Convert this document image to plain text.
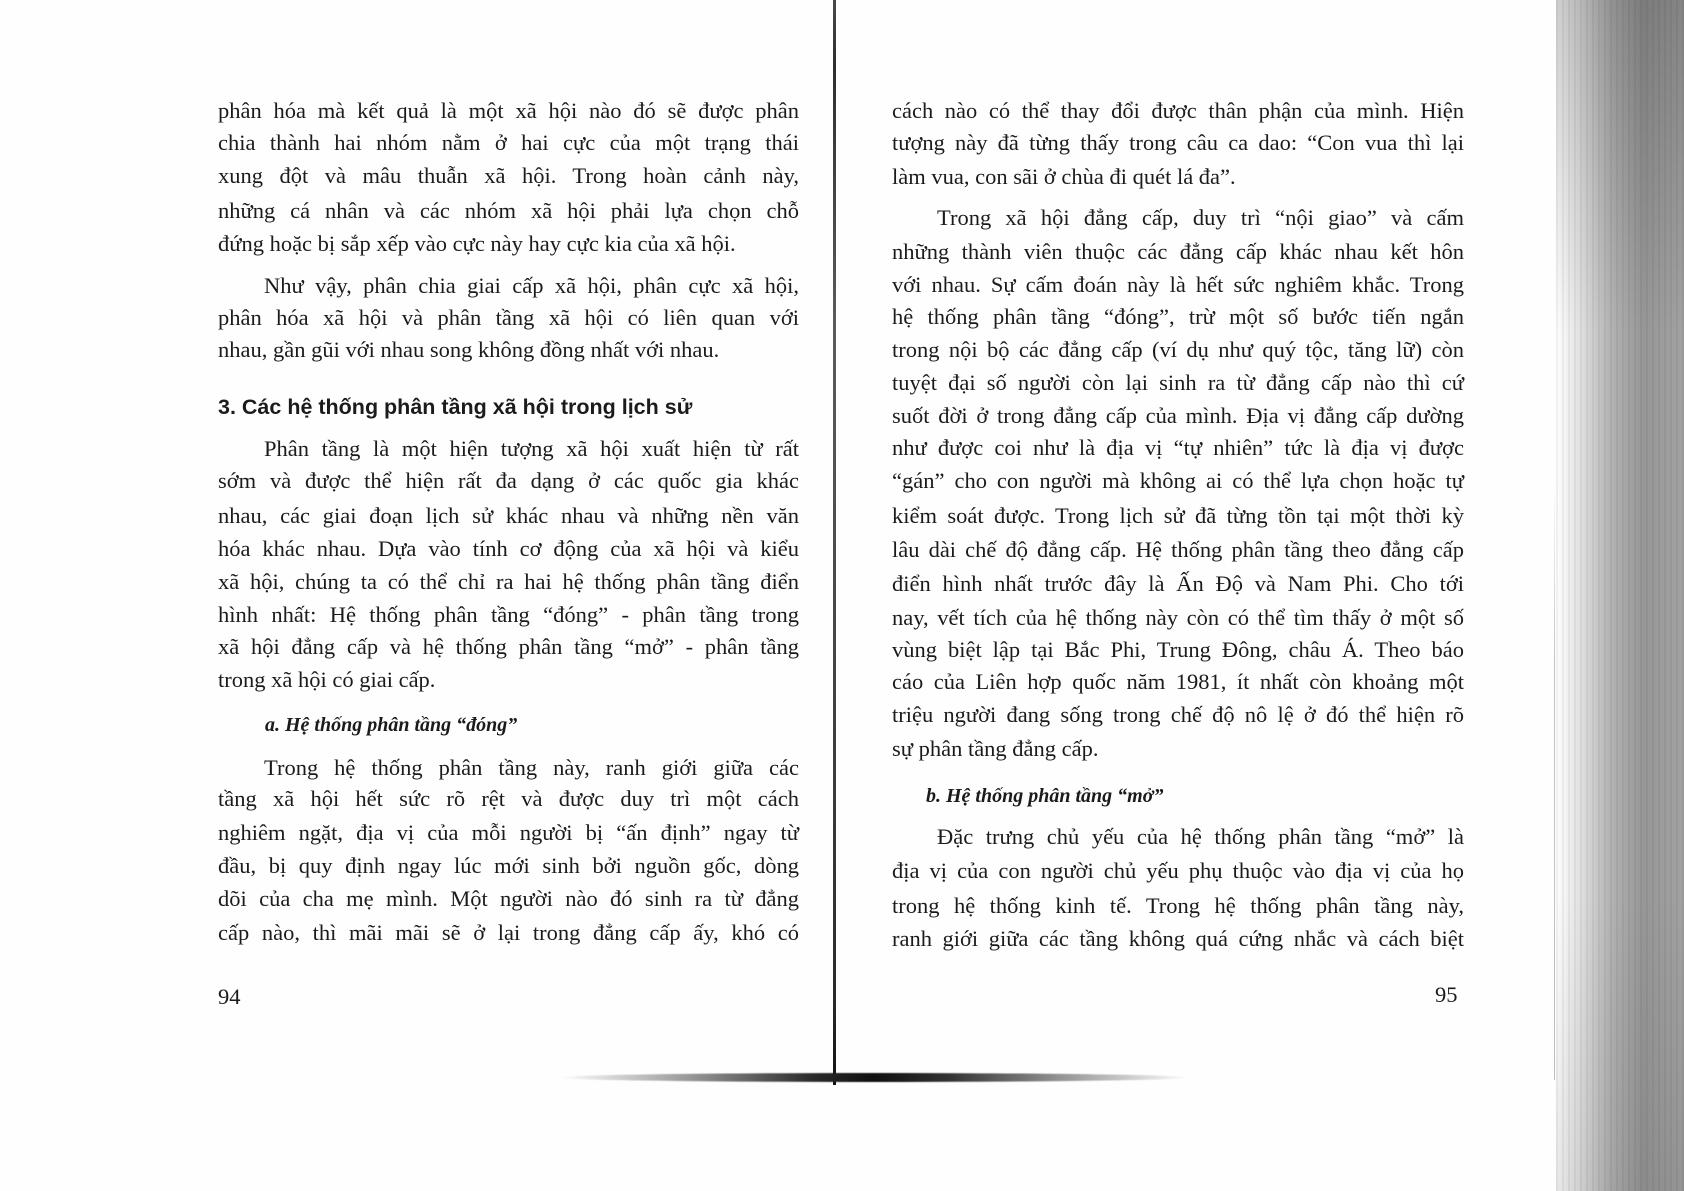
phân hóa mà kết quả là một xã hội nào đó sẽ được phân
chia thành hai nhóm nằm ở hai cực của một trạng thái
xung đột và mâu thuẫn xã hội. Trong hoàn cảnh này,
những cá nhân và các nhóm xã hội phải lựa chọn chỗ
đứng hoặc bị sắp xếp vào cực này hay cực kia của xã hội.
Như vậy, phân chia giai cấp xã hội, phân cực xã hội,
phân hóa xã hội và phân tầng xã hội có liên quan với
nhau, gần gũi với nhau song không đồng nhất với nhau.
3. Các hệ thống phân tầng xã hội trong lịch sử
Phân tầng là một hiện tượng xã hội xuất hiện từ rất
sớm và được thể hiện rất đa dạng ở các quốc gia khác
nhau, các giai đoạn lịch sử khác nhau và những nền văn
hóa khác nhau. Dựa vào tính cơ động của xã hội và kiểu
xã hội, chúng ta có thể chỉ ra hai hệ thống phân tầng điển
hình nhất: Hệ thống phân tầng “đóng” - phân tầng trong
xã hội đẳng cấp và hệ thống phân tầng “mở” - phân tầng
trong xã hội có giai cấp.
a. Hệ thống phân tầng “đóng”
Trong hệ thống phân tầng này, ranh giới giữa các
tầng xã hội hết sức rõ rệt và được duy trì một cách
nghiêm ngặt, địa vị của mỗi người bị “ấn định” ngay từ
đầu, bị quy định ngay lúc mới sinh bởi nguồn gốc, dòng
dõi của cha mẹ mình. Một người nào đó sinh ra từ đẳng
cấp nào, thì mãi mãi sẽ ở lại trong đẳng cấp ấy, khó có
94
cách nào có thể thay đổi được thân phận của mình. Hiện
tượng này đã từng thấy trong câu ca dao: “Con vua thì lại
làm vua, con sãi ở chùa đi quét lá đa”.
Trong xã hội đẳng cấp, duy trì “nội giao” và cấm
những thành viên thuộc các đẳng cấp khác nhau kết hôn
với nhau. Sự cấm đoán này là hết sức nghiêm khắc. Trong
hệ thống phân tầng “đóng”, trừ một số bước tiến ngắn
trong nội bộ các đẳng cấp (ví dụ như quý tộc, tăng lữ) còn
tuyệt đại số người còn lại sinh ra từ đẳng cấp nào thì cứ
suốt đời ở trong đẳng cấp của mình. Địa vị đẳng cấp dường
như được coi như là địa vị “tự nhiên” tức là địa vị được
“gán” cho con người mà không ai có thể lựa chọn hoặc tự
kiểm soát được. Trong lịch sử đã từng tồn tại một thời kỳ
lâu dài chế độ đẳng cấp. Hệ thống phân tầng theo đẳng cấp
điển hình nhất trước đây là Ấn Độ và Nam Phi. Cho tới
nay, vết tích của hệ thống này còn có thể tìm thấy ở một số
vùng biệt lập tại Bắc Phi, Trung Đông, châu Á. Theo báo
cáo của Liên hợp quốc năm 1981, ít nhất còn khoảng một
triệu người đang sống trong chế độ nô lệ ở đó thể hiện rõ
sự phân tầng đẳng cấp.
b. Hệ thống phân tầng “mở”
Đặc trưng chủ yếu của hệ thống phân tầng “mở” là
địa vị của con người chủ yếu phụ thuộc vào địa vị của họ
trong hệ thống kinh tế. Trong hệ thống phân tầng này,
ranh giới giữa các tầng không quá cứng nhắc và cách biệt
95
